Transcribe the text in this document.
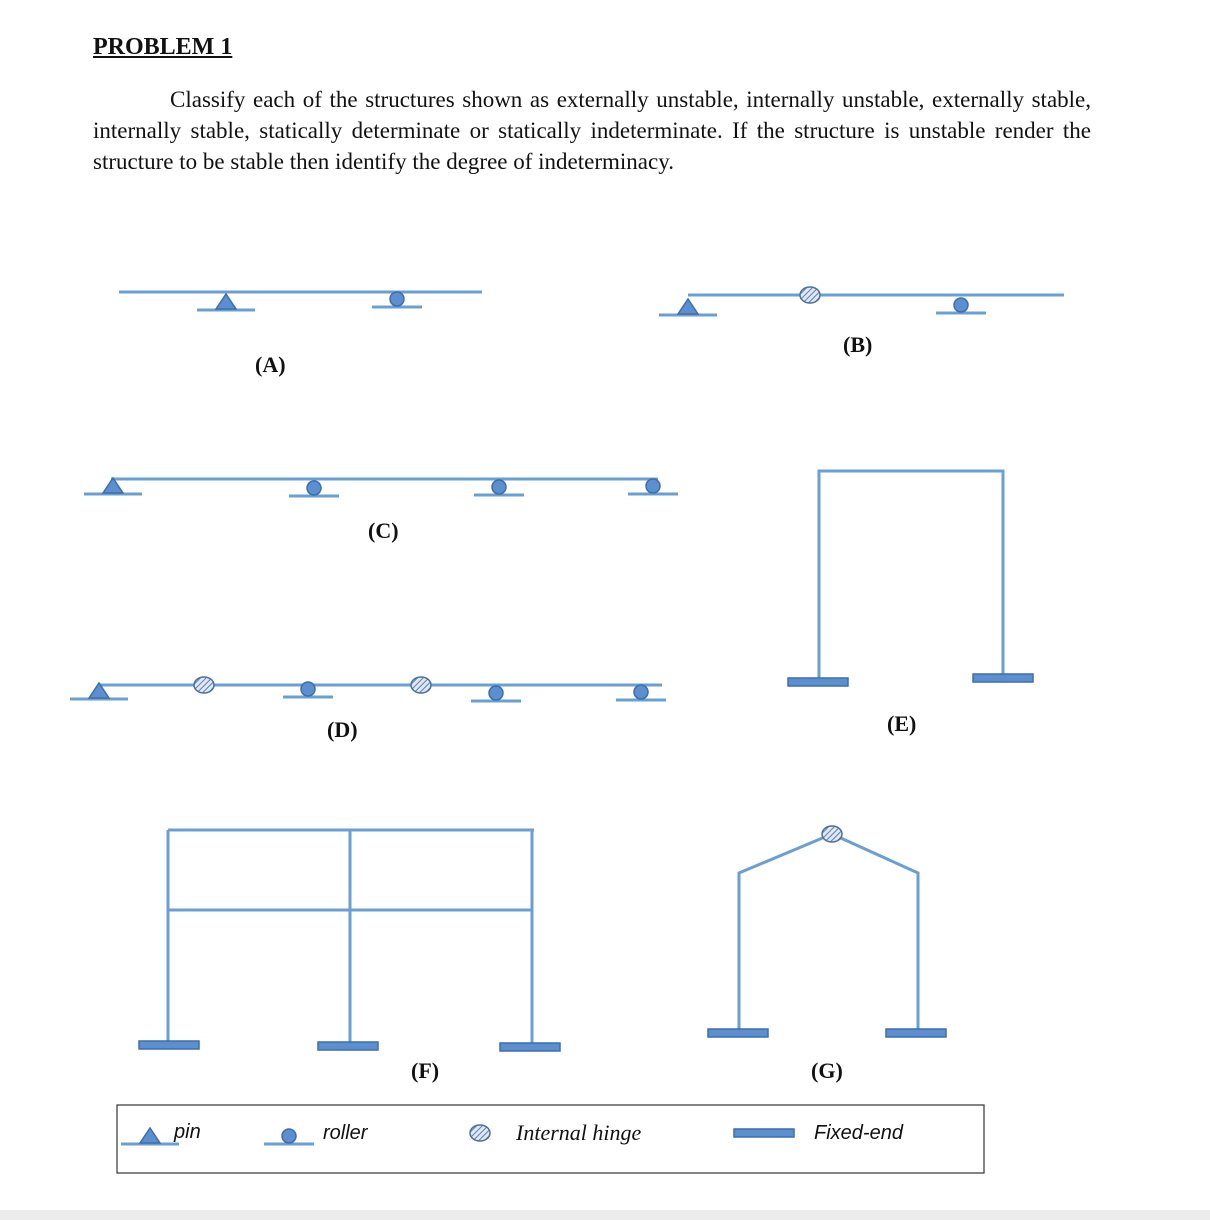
PROBLEM 1

Classify each of the structures shown as externally unstable, internally unstable, externally stable, internally stable, statically determinate or statically indeterminate. If the structure is unstable render the structure to be stable then identify the degree of indeterminacy.

(A)
(B)
(C)
(D)	(E)
(F)	(G)
pin	roller	Internal hinge	Fixed-end
